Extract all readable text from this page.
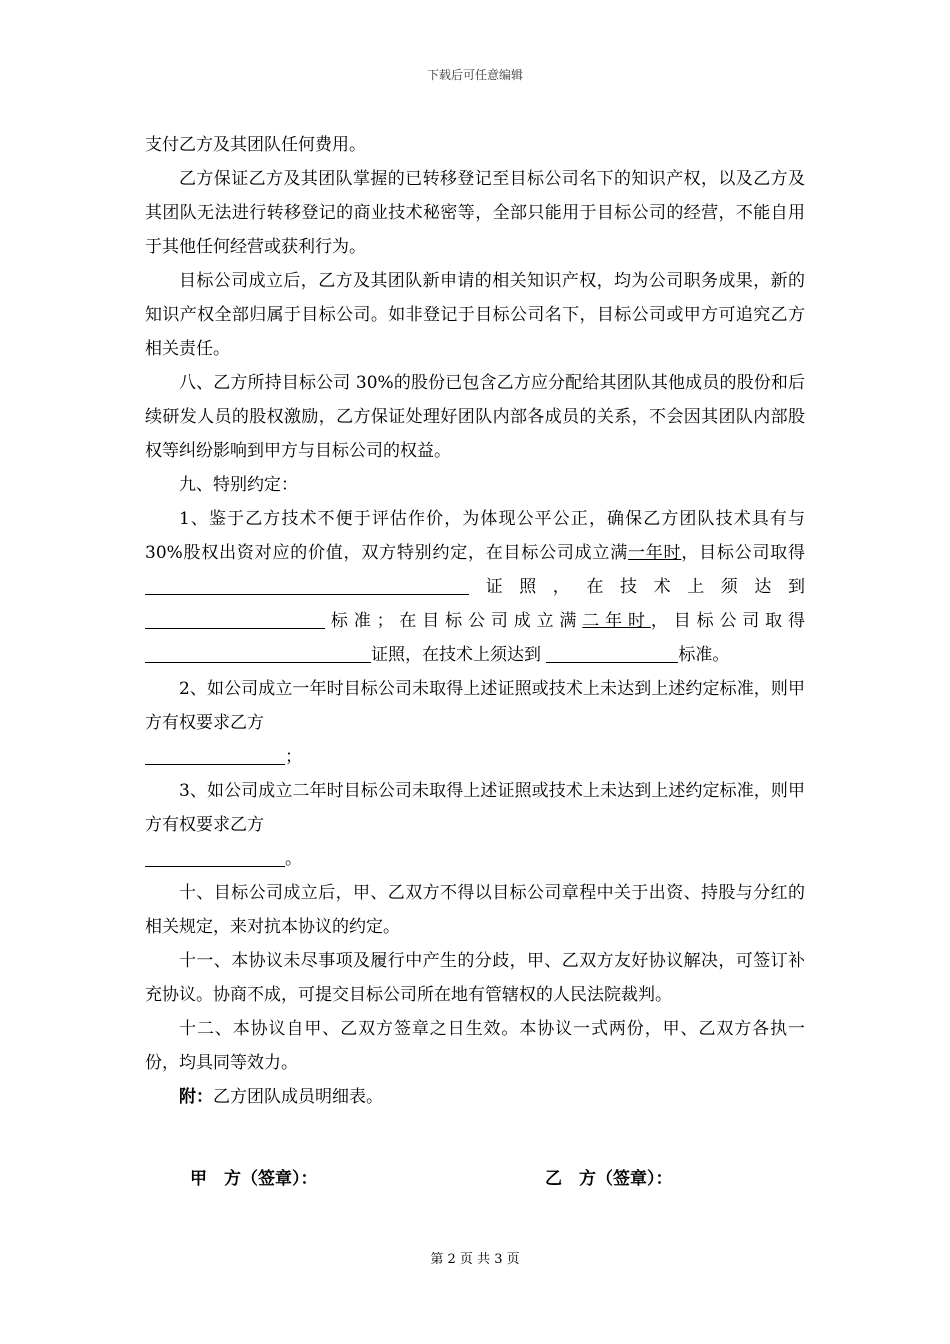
下载后可任意编辑

支付乙方及其团队任何费用。

乙方保证乙方及其团队掌握的已转移登记至目标公司名下的知识产权，以及乙方及其团队无法进行转移登记的商业技术秘密等，全部只能用于目标公司的经营，不能自用于其他任何经营或获利行为。

目标公司成立后，乙方及其团队新申请的相关知识产权，均为公司职务成果，新的知识产权全部归属于目标公司。如非登记于目标公司名下，目标公司或甲方可追究乙方相关责任。

八、乙方所持目标公司 30%的股份已包含乙方应分配给其团队其他成员的股份和后续研发人员的股权激励，乙方保证处理好团队内部各成员的关系，不会因其团队内部股权等纠纷影响到甲方与目标公司的权益。

九、特别约定：

1、鉴于乙方技术不便于评估作价，为体现公平公正，确保乙方团队技术具有与 30%股权出资对应的价值，双方特别约定，在目标公司成立满一年时，目标公司取得证照，在技术上须达到标准；在目标公司成立满二年时，目标公司取得证照，在技术上须达到	标准。

2、如公司成立一年时目标公司未取得上述证照或技术上未达到上述约定标准，则甲方有权要求乙方

；

3、如公司成立二年时目标公司未取得上述证照或技术上未达到上述约定标准，则甲方有权要求乙方

。

十、目标公司成立后，甲、乙双方不得以目标公司章程中关于出资、持股与分红的相关规定，来对抗本协议的约定。

十一、本协议未尽事项及履行中产生的分歧，甲、乙双方友好协议解决，可签订补充协议。协商不成，可提交目标公司所在地有管辖权的人民法院裁判。

十二、本协议自甲、乙双方签章之日生效。本协议一式两份，甲、乙双方各执一份，均具同等效力。

附：乙方团队成员明细表。

甲　方（签章）：	乙　方（签章）：
第 2 页 共 3 页
